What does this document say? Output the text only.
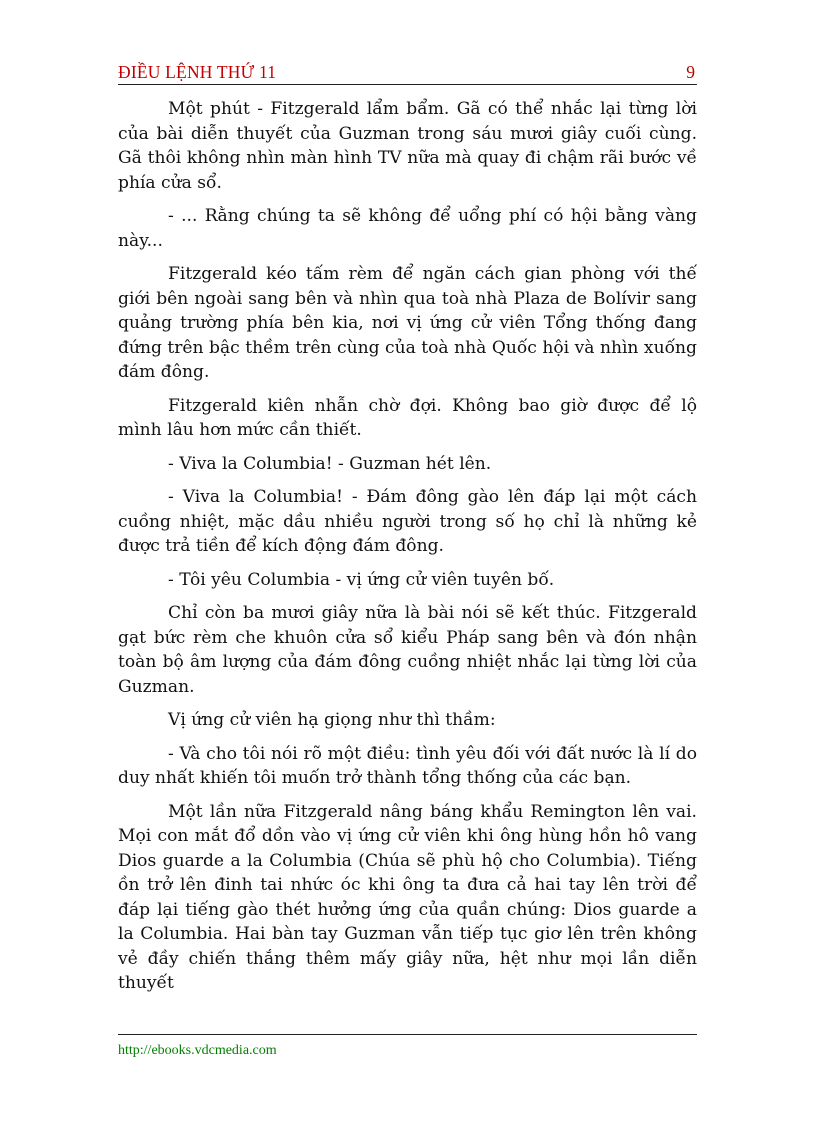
ĐIỀU LỆNH THỨ 11	9

Một phút - Fitzgerald lẩm bẩm. Gã có thể nhắc lại từng lời của bài diễn thuyết của Guzman trong sáu mươi giây cuối cùng. Gã thôi không nhìn màn hình TV nữa mà quay đi chậm rãi bước về phía cửa sổ.

- ... Rằng chúng ta sẽ không để uổng phí có hội bằng vàng này...

Fitzgerald kéo tấm rèm để ngăn cách gian phòng với thế giới bên ngoài sang bên và nhìn qua toà nhà Plaza de Bolívir sang quảng trường phía bên kia, nơi vị ứng cử viên Tổng thống đang đứng trên bậc thềm trên cùng của toà nhà Quốc hội và nhìn xuống đám đông.

Fitzgerald kiên nhẫn chờ đợi. Không bao giờ được để lộ mình lâu hơn mức cần thiết.

- Viva la Columbia! - Guzman hét lên.

- Viva la Columbia! - Đám đông gào lên đáp lại một cách cuồng nhiệt, mặc dầu nhiều người trong số họ chỉ là những kẻ được trả tiền để kích động đám đông.

- Tôi yêu Columbia - vị ứng cử viên tuyên bố.

Chỉ còn ba mươi giây nữa là bài nói sẽ kết thúc. Fitzgerald gạt bức rèm che khuôn cửa sổ kiểu Pháp sang bên và đón nhận toàn bộ âm lượng của đám đông cuồng nhiệt nhắc lại từng lời của Guzman.

Vị ứng cử viên hạ giọng như thì thầm:

- Và cho tôi nói rõ một điều: tình yêu đối với đất nước là lí do duy nhất khiến tôi muốn trở thành tổng thống của các bạn.

Một lần nữa Fitzgerald nâng báng khẩu Remington lên vai. Mọi con mắt đổ dồn vào vị ứng cử viên khi ông hùng hồn hô vang Dios guarde a la Columbia (Chúa sẽ phù hộ cho Columbia). Tiếng ồn trở lên đinh tai nhức óc khi ông ta đưa cả hai tay lên trời để đáp lại tiếng gào thét hưởng ứng của quần chúng: Dios guarde a la Columbia. Hai bàn tay Guzman vẫn tiếp tục giơ lên trên không vẻ đầy chiến thắng thêm mấy giây nữa, hệt như mọi lần diễn thuyết

http://ebooks.vdcmedia.com
